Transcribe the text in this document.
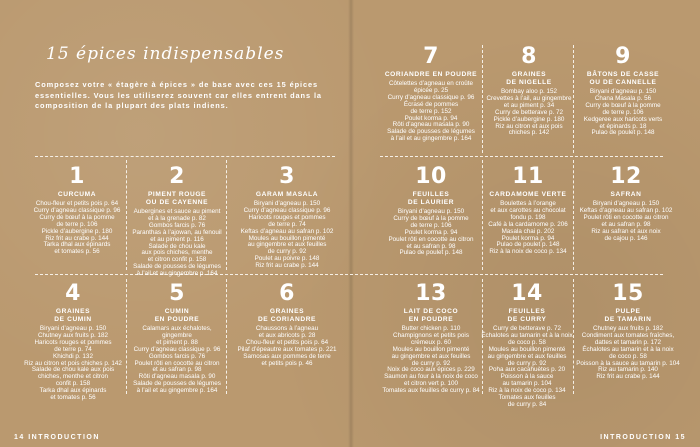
15 épices indispensables
Composez votre « étagère à épices » de base avec ces 15 épices essentielles. Vous les utiliserez souvent car elles entrent dans la composition de la plupart des plats indiens.
1
CURCUMA
Chou-fleur et petits pois p. 64
Curry d’agneau classique p. 96
Curry de bœuf à la pomme
de terre p. 106
Pickle d’aubergine p. 180
Riz frit au crabe p. 144
Tarka dhal aux épinards
et tomates p. 56
2
PIMENT ROUGE
OU DE CAYENNE
Aubergines et sauce au piment
et à la grenade p. 82
Gombos farcis p. 76
Paranthas à l’ajowan, au fenouil
et au piment p. 116
Salade de chou kale
aux pois chiches, menthe
et citron confit p. 158
Salade de pousses de légumes
à l’ail et au gingembre p. 164
3
GARAM MASALA
Biryani d’agneau p. 150
Curry d’agneau classique p. 96
Haricots rouges et pommes
de terre p. 74
Keftas d’agneau au safran p. 102
Moules au bouillon pimenté
au gingembre et aux feuilles
de curry p. 92
Poulet au poivre p. 148
Riz frit au crabe p. 144
4
GRAINES
DE CUMIN
Biryani d’agneau p. 150
Chutney aux fruits p. 182
Haricots rouges et pommes
de terre p. 74
Khichdi p. 132
Riz au citron et pois chiches p. 142
Salade de chou kale aux pois
chiches, menthe et citron
confit p. 158
Tarka dhal aux épinards
et tomates p. 56
5
CUMIN
EN POUDRE
Calamars aux échalotes,
gingembre
et piment p. 88
Curry d’agneau classique p. 96
Gombos farcis p. 76
Poulet rôti en cocotte au citron
et au safran p. 98
Rôti d’agneau masala p. 90
Salade de pousses de légumes
à l’ail et au gingembre p. 164
6
GRAINES
DE CORIANDRE
Chaussons à l’agneau
et aux abricots p. 28
Chou-fleur et petits pois p. 64
Pilaf d’épeautre aux tomates p. 221
Samosas aux pommes de terre
et petits pois p. 46
7
CORIANDRE EN POUDRE
Côtelettes d’agneau en croûte
épicée p. 25
Curry d’agneau classique p. 96
Écrasé de pommes
de terre p. 152
Poulet korma p. 94
Rôti d’agneau masala p. 90
Salade de pousses de légumes
à l’ail et au gingembre p. 164
8
GRAINES
DE NIGELLE
Bombay aloo p. 152
Crevettes à l’ail, au gingembre
et au piment p. 34
Curry de betterave p. 72
Pickle d’aubergine p. 180
Riz au citron et aux pois
chiches p. 142
9
BÂTONS DE CASSE
OU DE CANNELLE
Biryani d’agneau p. 150
Chana Masala p. 56
Curry de bœuf à la pomme
de terre p. 106
Kedgeree aux haricots verts
et épinards p. 18
Pulao de poulet p. 148
10
FEUILLES
DE LAURIER
Biryani d’agneau p. 150
Curry de bœuf à la pomme
de terre p. 106
Poulet korma p. 94
Poulet rôti en cocotte au citron
et au safran p. 98
Pulao de poulet p. 148
11
CARDAMOME VERTE
Boulettes à l’orange
et aux carottes au chocolat
fondu p. 198
Café à la cardamome p. 206
Masala chai p. 202
Poulet korma p. 94
Pulao de poulet p. 148
Riz à la noix de coco p. 134
12
SAFRAN
Biryani d’agneau p. 150
Keftas d’agneau au safran p. 102
Poulet rôti en cocotte au citron
et au safran p. 98
Riz au safran et aux noix
de cajou p. 146
13
LAIT DE COCO
EN POUDRE
Butter chicken p. 110
Champignons et petits pois
crémeux p. 60
Moules au bouillon pimenté
au gingembre et aux feuilles
de curry p. 92
Noix de coco aux épices p. 229
Saumon au four à la noix de coco
et citron vert p. 100
Tomates aux feuilles de curry p. 84
14
FEUILLES
DE CURRY
Curry de betterave p. 72
Échalotes au tamarin et à la noix
de coco p. 58
Moules au bouillon pimenté
au gingembre et aux feuilles
de curry p. 92
Poha aux cacahuètes p. 20
Poisson à la sauce
au tamarin p. 104
Riz à la noix de coco p. 134
Tomates aux feuilles
de curry p. 84
15
PULPE
DE TAMARIN
Chutney aux fruits p. 182
Condiment aux tomates fraîches,
dattes et tamarin p. 172
Échalotes au tamarin et à la noix
de coco p. 58
Poisson à la sauce au tamarin p. 104
Riz au tamarin p. 140
Riz frit au crabe p. 144
14 INTRODUCTION	INTRODUCTION 15
